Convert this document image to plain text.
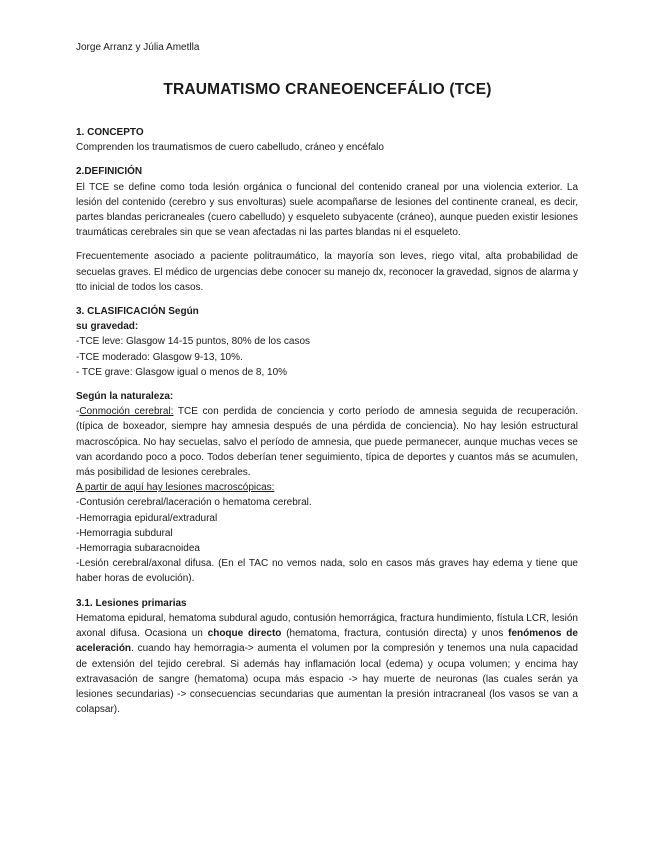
Jorge Arranz y Júlia Ametlla
TRAUMATISMO CRANEOENCEFÁLIO (TCE)

1. CONCEPTO

Comprenden los traumatismos de cuero cabelludo, cráneo y encéfalo

2.DEFINICIÓN

El TCE se define como toda lesión orgánica o funcional del contenido craneal por una violencia exterior. La lesión del contenido (cerebro y sus envolturas) suele acompañarse de lesiones del continente craneal, es decir, partes blandas pericraneales (cuero cabelludo) y esqueleto subyacente (cráneo), aunque pueden existir lesiones traumáticas cerebrales sin que se vean afectadas ni las partes blandas ni el esqueleto.

Frecuentemente asociado a paciente politraumático, la mayoría son leves, riego vital, alta probabilidad de secuelas graves. El médico de urgencias debe conocer su manejo dx, reconocer la gravedad, signos de alarma y tto inicial de todos los casos.

3. CLASIFICACIÓN Según

su gravedad:

-TCE leve: Glasgow 14-15 puntos, 80% de los casos

-TCE moderado: Glasgow 9-13, 10%.

- TCE grave: Glasgow igual o menos de 8, 10%

Según la naturaleza:

-Conmoción cerebral: TCE con perdida de conciencia y corto período de amnesia seguida de recuperación. (típica de boxeador, siempre hay amnesia después de una pérdida de conciencia). No hay lesión estructural macroscópica. No hay secuelas, salvo el período de amnesia, que puede permanecer, aunque muchas veces se van acordando poco a poco. Todos deberían tener seguimiento, típica de deportes y cuantos más se acumulen, más posibilidad de lesiones cerebrales.

A partir de aquí hay lesiones macroscópicas:

-Contusión cerebral/laceración o hematoma cerebral.

-Hemorragia epidural/extradural

-Hemorragia subdural

-Hemorragia subaracnoidea

-Lesión cerebral/axonal difusa. (En el TAC no vemos nada, solo en casos más graves hay edema y tiene que haber horas de evolución).

3.1. Lesiones primarias

Hematoma epidural, hematoma subdural agudo, contusión hemorrágica, fractura hundimiento, fístula LCR, lesión axonal difusa. Ocasiona un choque directo (hematoma, fractura, contusión directa) y unos fenómenos de aceleración. cuando hay hemorragia-> aumenta el volumen por la compresión y tenemos una nula capacidad de extensión del tejido cerebral. Si además hay inflamación local (edema) y ocupa volumen; y encima hay extravasación de sangre (hematoma) ocupa más espacio -> hay muerte de neuronas (las cuales serán ya lesiones secundarias) -> consecuencias secundarias que aumentan la presión intracraneal (los vasos se van a colapsar).
